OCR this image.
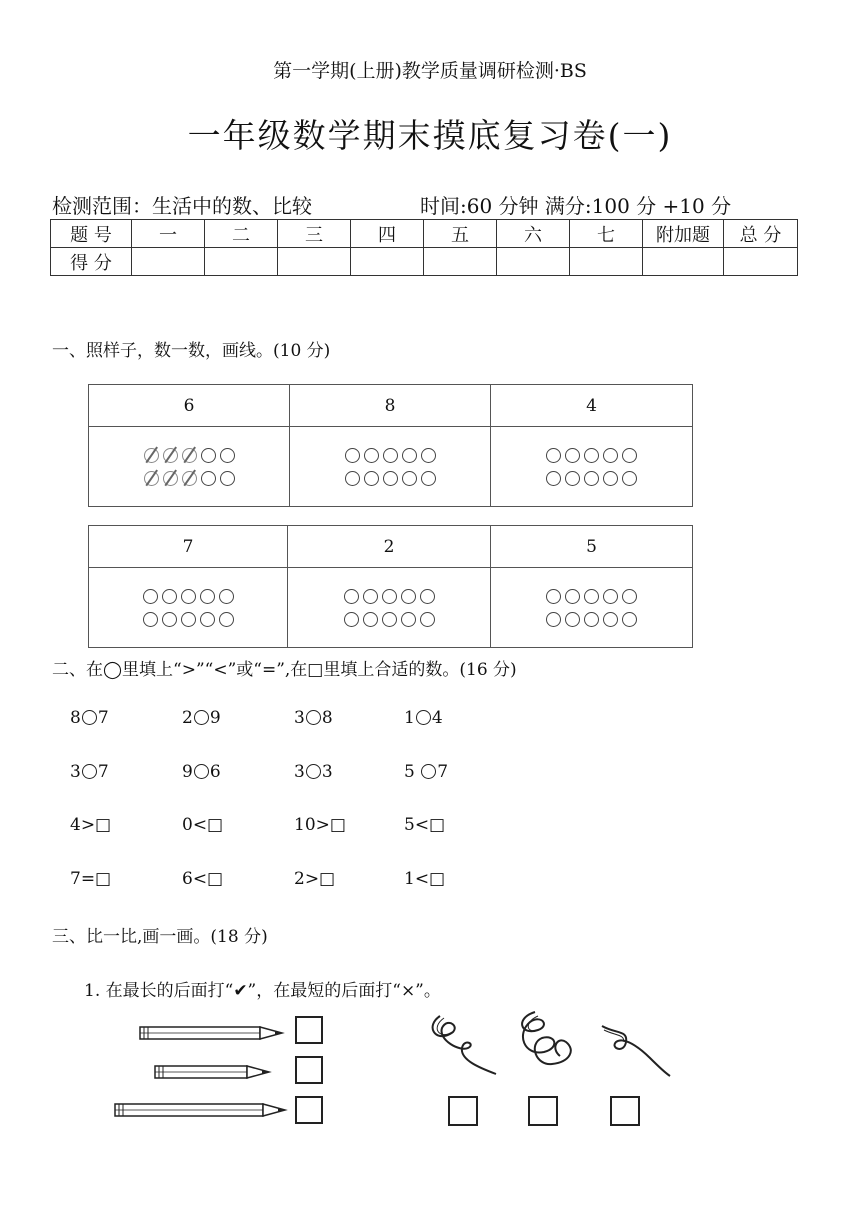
第一学期(上册)教学质量调研检测·BS
一年级数学期末摸底复习卷(一)
检测范围：生活中的数、比较	时间:60 分钟 满分:100 分 +10 分
题 号	一	二	三	四	五	六	七	附加题	总 分
得 分									
一、照样子，数一数，画线。(10 分)
6	8	4

7	2	5

二、在◯里填上“>”“<”或“=”,在□里填上合适的数。(16 分)
8 7	2 9	3 8	1 4
3 7	9 6	3 3	5 7
4>□	0<□	10>□	5<□
7=□	6<□	2>□	1<□
三、比一比,画一画。(18 分)
1. 在最长的后面打“✔”，在最短的后面打“×”。
